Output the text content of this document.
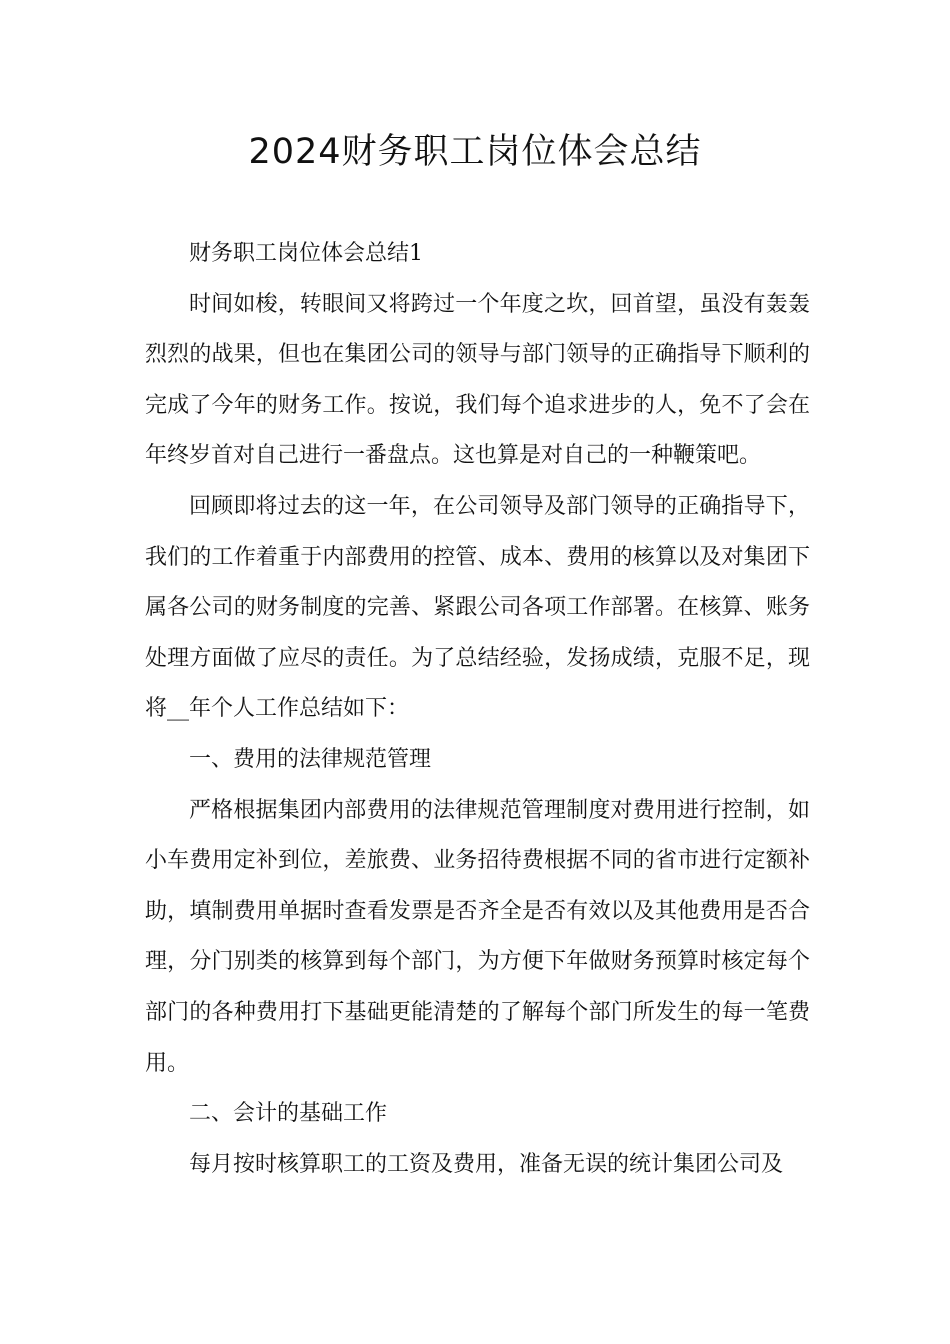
2024财务职工岗位体会总结

财务职工岗位体会总结1

时间如梭，转眼间又将跨过一个年度之坎，回首望，虽没有轰轰烈烈的战果，但也在集团公司的领导与部门领导的正确指导下顺利的完成了今年的财务工作。按说，我们每个追求进步的人，免不了会在年终岁首对自己进行一番盘点。这也算是对自己的一种鞭策吧。

回顾即将过去的这一年，在公司领导及部门领导的正确指导下，我们的工作着重于内部费用的控管、成本、费用的核算以及对集团下属各公司的财务制度的完善、紧跟公司各项工作部署。在核算、账务处理方面做了应尽的责任。为了总结经验，发扬成绩，克服不足，现将__年个人工作总结如下：

一、费用的法律规范管理

严格根据集团内部费用的法律规范管理制度对费用进行控制，如小车费用定补到位，差旅费、业务招待费根据不同的省市进行定额补助，填制费用单据时查看发票是否齐全是否有效以及其他费用是否合理，分门别类的核算到每个部门，为方便下年做财务预算时核定每个部门的各种费用打下基础更能清楚的了解每个部门所发生的每一笔费用。

二、会计的基础工作

每月按时核算职工的工资及费用，准备无误的统计集团公司及
